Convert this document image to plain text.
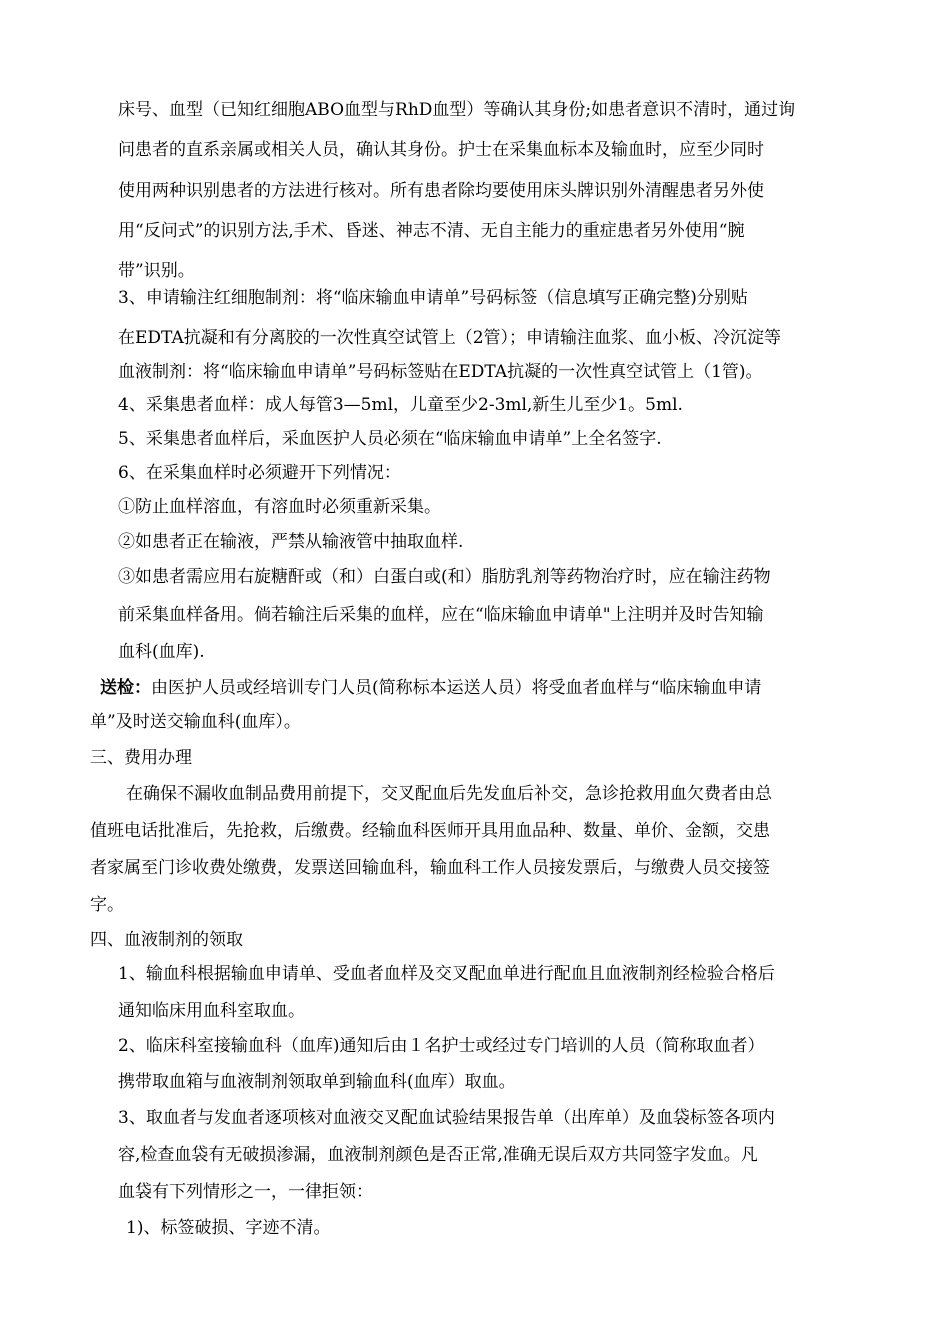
床号、血型（已知红细胞ABO血型与RhD血型）等确认其身份;如患者意识不清时，通过询
问患者的直系亲属或相关人员，确认其身份。护士在采集血标本及输血时，应至少同时
使用两种识别患者的方法进行核对。所有患者除均要使用床头牌识别外清醒患者另外使
用“反问式”的识别方法,手术、昏迷、神志不清、无自主能力的重症患者另外使用“腕
带”识别。
3、申请输注红细胞制剂：将“临床输血申请单”号码标签（信息填写正确完整)分别贴
在EDTA抗凝和有分离胶的一次性真空试管上（2管）；申请输注血浆、血小板、冷沉淀等
血液制剂：将“临床输血申请单”号码标签贴在EDTA抗凝的一次性真空试管上（1管)。
4、采集患者血样：成人每管3—5ml，儿童至少2-3ml,新生儿至少1。5ml.
5、采集患者血样后，采血医护人员必须在“临床输血申请单”上全名签字.
6、在采集血样时必须避开下列情况：
①防止血样溶血，有溶血时必须重新采集。
②如患者正在输液，严禁从输液管中抽取血样.
③如患者需应用右旋糖酐或（和）白蛋白或(和）脂肪乳剂等药物治疗时，应在输注药物
前采集血样备用。倘若输注后采集的血样，应在“临床输血申请单"上注明并及时告知输
血科(血库).
送检：由医护人员或经培训专门人员(简称标本运送人员）将受血者血样与“临床输血申请
单”及时送交输血科(血库）。
三、费用办理
在确保不漏收血制品费用前提下，交叉配血后先发血后补交，急诊抢救用血欠费者由总
值班电话批准后，先抢救，后缴费。经输血科医师开具用血品种、数量、单价、金额，交患
者家属至门诊收费处缴费，发票送回输血科，输血科工作人员接发票后，与缴费人员交接签
字。
四、血液制剂的领取
1、输血科根据输血申请单、受血者血样及交叉配血单进行配血且血液制剂经检验合格后
通知临床用血科室取血。
2、临床科室接输血科（血库)通知后由１名护士或经过专门培训的人员（简称取血者）
携带取血箱与血液制剂领取单到输血科(血库）取血。
3、取血者与发血者逐项核对血液交叉配血试验结果报告单（出库单）及血袋标签各项内
容,检查血袋有无破损渗漏，血液制剂颜色是否正常,准确无误后双方共同签字发血。凡
血袋有下列情形之一，一律拒领：
1)、标签破损、字迹不清。
